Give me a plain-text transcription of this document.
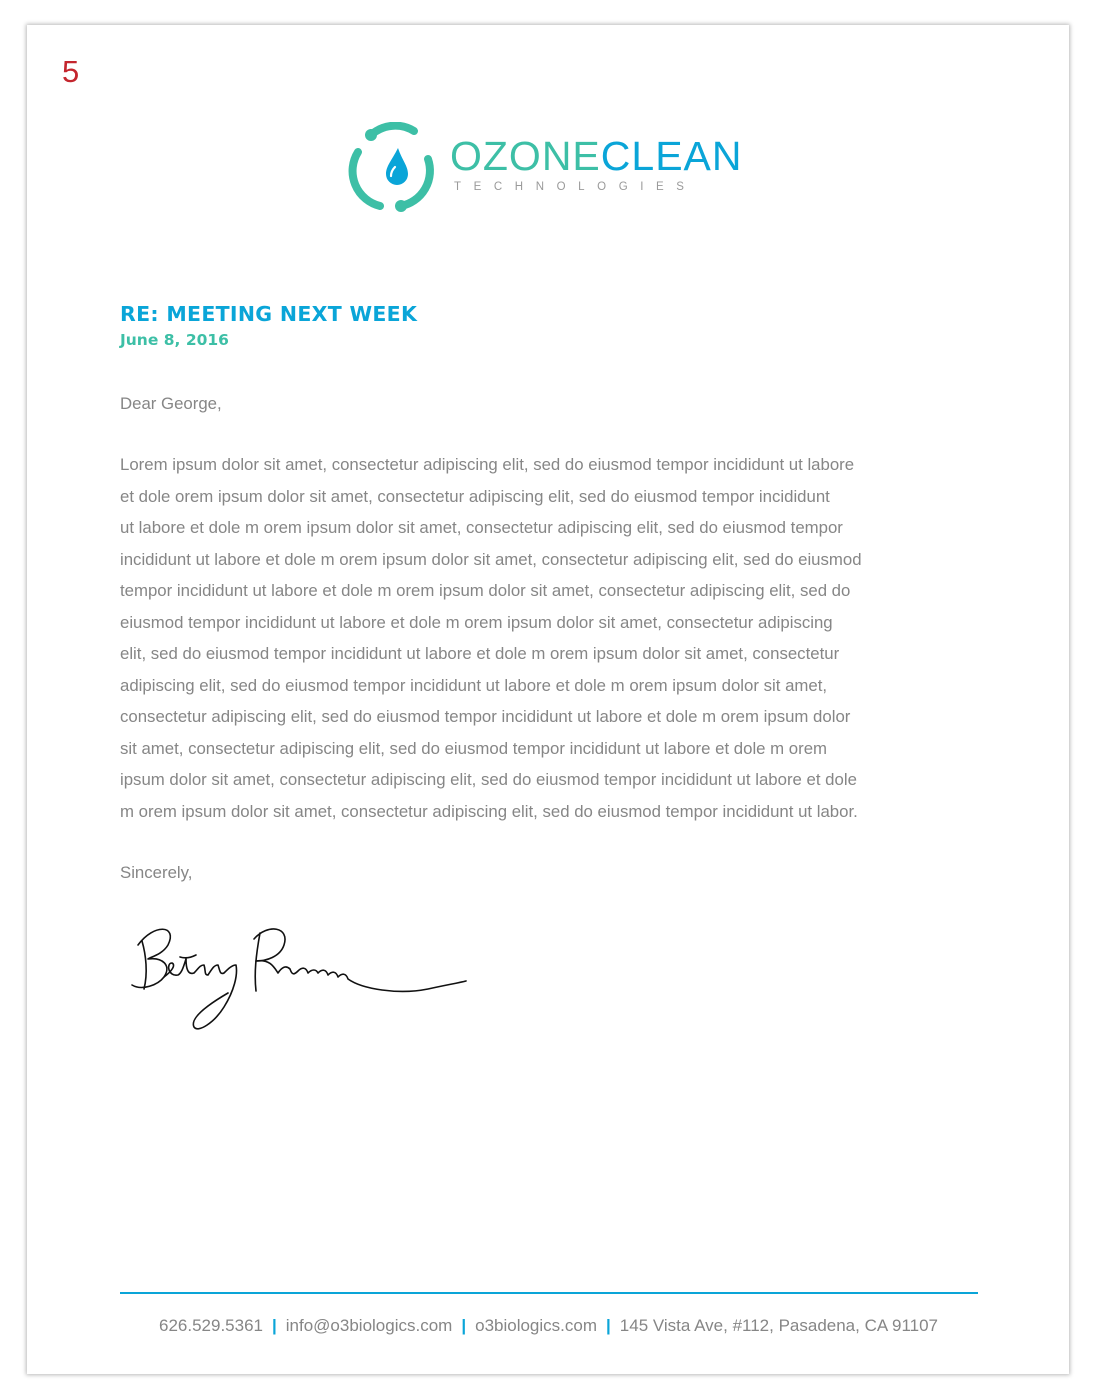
5
OZONECLEAN
TECHNOLOGIES
RE: MEETING NEXT WEEK
June 8, 2016
Dear George,
Lorem ipsum dolor sit amet, consectetur adipiscing elit, sed do eiusmod tempor incididunt ut labore
et dole orem ipsum dolor sit amet, consectetur adipiscing elit, sed do eiusmod tempor incididunt
ut labore et dole m orem ipsum dolor sit amet, consectetur adipiscing elit, sed do eiusmod tempor
incididunt ut labore et dole m orem ipsum dolor sit amet, consectetur adipiscing elit, sed do eiusmod
tempor incididunt ut labore et dole m orem ipsum dolor sit amet, consectetur adipiscing elit, sed do
eiusmod tempor incididunt ut labore et dole m orem ipsum dolor sit amet, consectetur adipiscing
elit, sed do eiusmod tempor incididunt ut labore et dole m orem ipsum dolor sit amet, consectetur
adipiscing elit, sed do eiusmod tempor incididunt ut labore et dole m orem ipsum dolor sit amet,
consectetur adipiscing elit, sed do eiusmod tempor incididunt ut labore et dole m orem ipsum dolor
sit amet, consectetur adipiscing elit, sed do eiusmod tempor incididunt ut labore et dole m orem
ipsum dolor sit amet, consectetur adipiscing elit, sed do eiusmod tempor incididunt ut labore et dole
m orem ipsum dolor sit amet, consectetur adipiscing elit, sed do eiusmod tempor incididunt ut labor.
Sincerely,
626.529.5361 | info@o3biologics.com | o3biologics.com | 145 Vista Ave, #112, Pasadena, CA 91107
